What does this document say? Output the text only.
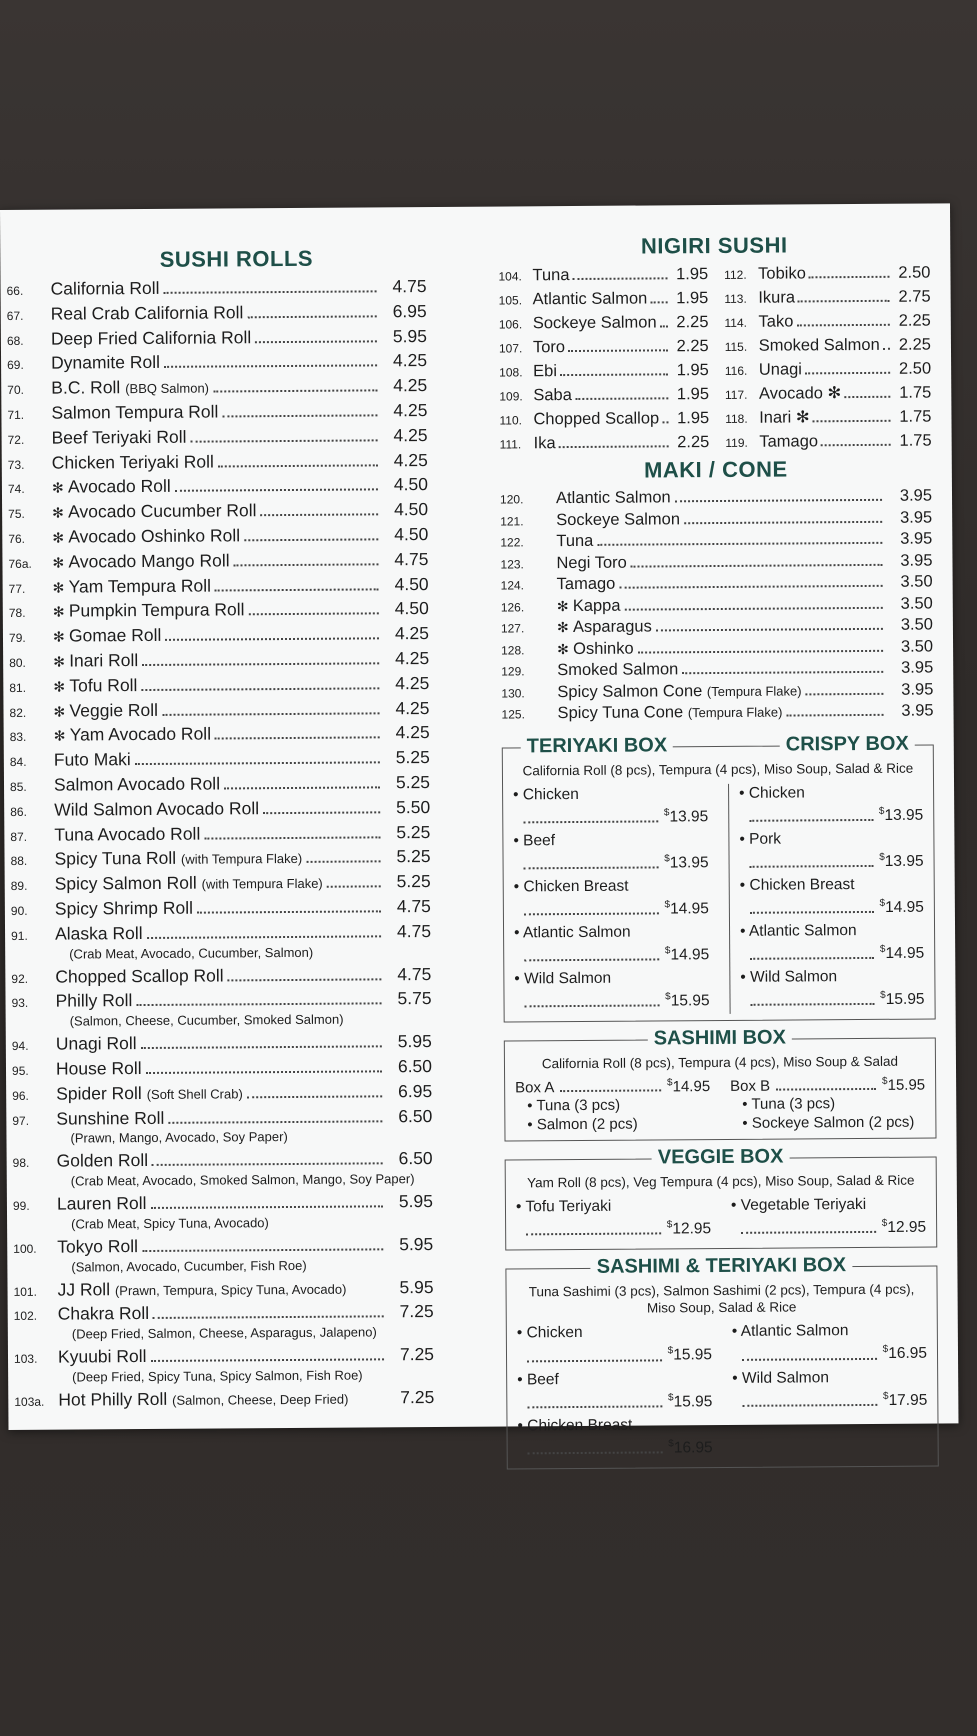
SUSHI ROLLS
66.	California Roll	4.75
67.	Real Crab California Roll	6.95
68.	Deep Fried California Roll	5.95
69.	Dynamite Roll	4.25
70.	B.C. Roll (BBQ Salmon)	4.25
71.	Salmon Tempura Roll	4.25
72.	Beef Teriyaki Roll	4.25
73.	Chicken Teriyaki Roll	4.25
74.	✻ Avocado Roll	4.50
75.	✻ Avocado Cucumber Roll	4.50
76.	✻ Avocado Oshinko Roll	4.50
76a.	✻ Avocado Mango Roll	4.75
77.	✻ Yam Tempura Roll	4.50
78.	✻ Pumpkin Tempura Roll	4.50
79.	✻ Gomae Roll	4.25
80.	✻ Inari Roll	4.25
81.	✻ Tofu Roll	4.25
82.	✻ Veggie Roll	4.25
83.	✻ Yam Avocado Roll	4.25
84.	Futo Maki	5.25
85.	Salmon Avocado Roll	5.25
86.	Wild Salmon Avocado Roll	5.50
87.	Tuna Avocado Roll	5.25
88.	Spicy Tuna Roll (with Tempura Flake)	5.25
89.	Spicy Salmon Roll (with Tempura Flake)	5.25
90.	Spicy Shrimp Roll	4.75
91.	Alaska Roll	4.75
(Crab Meat, Avocado, Cucumber, Salmon)
92.	Chopped Scallop Roll	4.75
93.	Philly Roll	5.75
(Salmon, Cheese, Cucumber, Smoked Salmon)
94.	Unagi Roll	5.95
95.	House Roll	6.50
96.	Spider Roll (Soft Shell Crab)	6.95
97.	Sunshine Roll	6.50
(Prawn, Mango, Avocado, Soy Paper)
98.	Golden Roll	6.50
(Crab Meat, Avocado, Smoked Salmon, Mango, Soy Paper)
99.	Lauren Roll	5.95
(Crab Meat, Spicy Tuna, Avocado)
100.	Tokyo Roll	5.95
(Salmon, Avocado, Cucumber, Fish Roe)
101.	JJ Roll (Prawn, Tempura, Spicy Tuna, Avocado)	5.95
102.	Chakra Roll	7.25
(Deep Fried, Salmon, Cheese, Asparagus, Jalapeno)
103.	Kyuubi Roll	7.25
(Deep Fried, Spicy Tuna, Spicy Salmon, Fish Roe)
103a. Hot Philly Roll (Salmon, Cheese, Deep Fried)	7.25
NIGIRI SUSHI
104. Tuna	1.95
105. Atlantic Salmon	1.95
106. Sockeye Salmon	2.25
107. Toro	2.25
108. Ebi	1.95
109. Saba	1.95
110. Chopped Scallop	1.95
111. Ika	2.25
112. Tobiko	2.50
113. Ikura	2.75
114. Tako	2.25
115. Smoked Salmon	2.25
116. Unagi	2.50
117. Avocado ✻	1.75
118. Inari ✻	1.75
119. Tamago	1.75
MAKI / CONE
120.	Atlantic Salmon	3.95
121.	Sockeye Salmon	3.95
122.	Tuna	3.95
123.	Negi Toro	3.95
124.	Tamago	3.50
126.	✻ Kappa	3.50
127.	✻ Asparagus	3.50
128.	✻ Oshinko	3.50
129.	Smoked Salmon	3.95
130.	Spicy Salmon Cone (Tempura Flake)	3.95
125.	Spicy Tuna Cone (Tempura Flake)	3.95
TERIYAKI BOX	CRISPY BOX
California Roll (8 pcs), Tempura (4 pcs), Miso Soup, Salad & Rice
• Chicken
$13.95
• Beef
$13.95
• Chicken Breast
$14.95
• Atlantic Salmon
$14.95
• Wild Salmon
$15.95
• Chicken
$13.95
• Pork
$13.95
• Chicken Breast
$14.95
• Atlantic Salmon
$14.95
• Wild Salmon
$15.95
SASHIMI BOX
California Roll (8 pcs), Tempura (4 pcs), Miso Soup & Salad
Box A	$14.95
• Tuna (3 pcs)
• Salmon (2 pcs)
Box B	$15.95
• Tuna (3 pcs)
• Sockeye Salmon (2 pcs)
VEGGIE BOX
Yam Roll (8 pcs), Veg Tempura (4 pcs), Miso Soup, Salad & Rice
• Tofu Teriyaki
$12.95
• Vegetable Teriyaki
$12.95
SASHIMI & TERIYAKI BOX
Tuna Sashimi (3 pcs), Salmon Sashimi (2 pcs), Tempura (4 pcs), Miso Soup, Salad & Rice
• Chicken
$15.95
• Beef
$15.95
• Chicken Breast
$16.95
• Atlantic Salmon
$16.95
• Wild Salmon
$17.95
